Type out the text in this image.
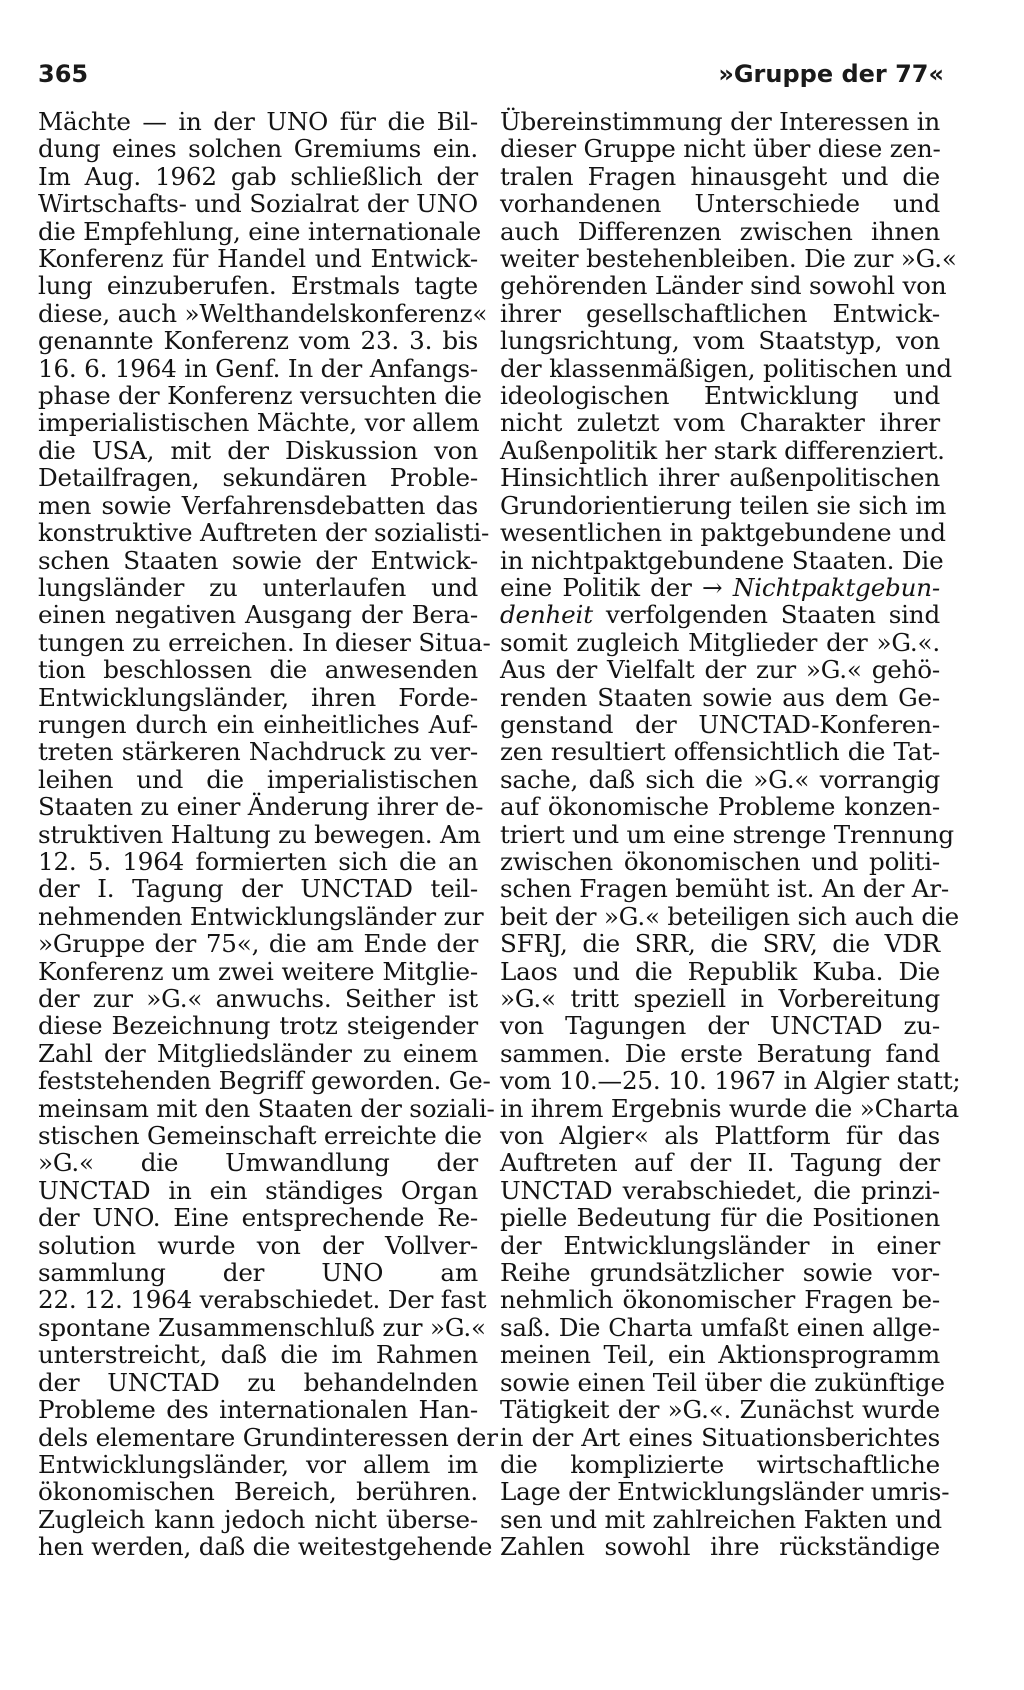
365	»Gruppe der 77«
Mächte — in der UNO für die Bil-
dung eines solchen Gremiums ein.
Im Aug. 1962 gab schließlich der
Wirtschafts- und Sozialrat der UNO
die Empfehlung, eine internationale
Konferenz für Handel und Entwick-
lung einzuberufen. Erstmals tagte
diese, auch »Welthandelskonferenz«
genannte Konferenz vom 23. 3. bis
16. 6. 1964 in Genf. In der Anfangs-
phase der Konferenz versuchten die
imperialistischen Mächte, vor allem
die USA, mit der Diskussion von
Detailfragen, sekundären Proble-
men sowie Verfahrensdebatten das
konstruktive Auftreten der sozialisti-
schen Staaten sowie der Entwick-
lungsländer zu unterlaufen und
einen negativen Ausgang der Bera-
tungen zu erreichen. In dieser Situa-
tion beschlossen die anwesenden
Entwicklungsländer, ihren Forde-
rungen durch ein einheitliches Auf-
treten stärkeren Nachdruck zu ver-
leihen und die imperialistischen
Staaten zu einer Änderung ihrer de-
struktiven Haltung zu bewegen. Am
12. 5. 1964 formierten sich die an
der I. Tagung der UNCTAD teil-
nehmenden Entwicklungsländer zur
»Gruppe der 75«, die am Ende der
Konferenz um zwei weitere Mitglie-
der zur »G.« anwuchs. Seither ist
diese Bezeichnung trotz steigender
Zahl der Mitgliedsländer zu einem
feststehenden Begriff geworden. Ge-
meinsam mit den Staaten der soziali-
stischen Gemeinschaft erreichte die
»G.« die Umwandlung der
UNCTAD in ein ständiges Organ
der UNO. Eine entsprechende Re-
solution wurde von der Vollver-
sammlung der UNO am
22. 12. 1964 verabschiedet. Der fast
spontane Zusammenschluß zur »G.«
unterstreicht, daß die im Rahmen
der UNCTAD zu behandelnden
Probleme des internationalen Han-
dels elementare Grundinteressen der
Entwicklungsländer, vor allem im
ökonomischen Bereich, berühren.
Zugleich kann jedoch nicht überse-
hen werden, daß die weitestgehende
Übereinstimmung der Interessen in
dieser Gruppe nicht über diese zen-
tralen Fragen hinausgeht und die
vorhandenen Unterschiede und
auch Differenzen zwischen ihnen
weiter bestehenbleiben. Die zur »G.«
gehörenden Länder sind sowohl von
ihrer gesellschaftlichen Entwick-
lungsrichtung, vom Staatstyp, von
der klassenmäßigen, politischen und
ideologischen Entwicklung und
nicht zuletzt vom Charakter ihrer
Außenpolitik her stark differenziert.
Hinsichtlich ihrer außenpolitischen
Grundorientierung teilen sie sich im
wesentlichen in paktgebundene und
in nichtpaktgebundene Staaten. Die
eine Politik der → Nichtpaktgebun-
denheit verfolgenden Staaten sind
somit zugleich Mitglieder der »G.«.
Aus der Vielfalt der zur »G.« gehö-
renden Staaten sowie aus dem Ge-
genstand der UNCTAD-Konferen-
zen resultiert offensichtlich die Tat-
sache, daß sich die »G.« vorrangig
auf ökonomische Probleme konzen-
triert und um eine strenge Trennung
zwischen ökonomischen und politi-
schen Fragen bemüht ist. An der Ar-
beit der »G.« beteiligen sich auch die
SFRJ, die SRR, die SRV, die VDR
Laos und die Republik Kuba. Die
»G.« tritt speziell in Vorbereitung
von Tagungen der UNCTAD zu-
sammen. Die erste Beratung fand
vom 10.—25. 10. 1967 in Algier statt;
in ihrem Ergebnis wurde die »Charta
von Algier« als Plattform für das
Auftreten auf der II. Tagung der
UNCTAD verabschiedet, die prinzi-
pielle Bedeutung für die Positionen
der Entwicklungsländer in einer
Reihe grundsätzlicher sowie vor-
nehmlich ökonomischer Fragen be-
saß. Die Charta umfaßt einen allge-
meinen Teil, ein Aktionsprogramm
sowie einen Teil über die zukünftige
Tätigkeit der »G.«. Zunächst wurde
in der Art eines Situationsberichtes
die komplizierte wirtschaftliche
Lage der Entwicklungsländer umris-
sen und mit zahlreichen Fakten und
Zahlen sowohl ihre rückständige
